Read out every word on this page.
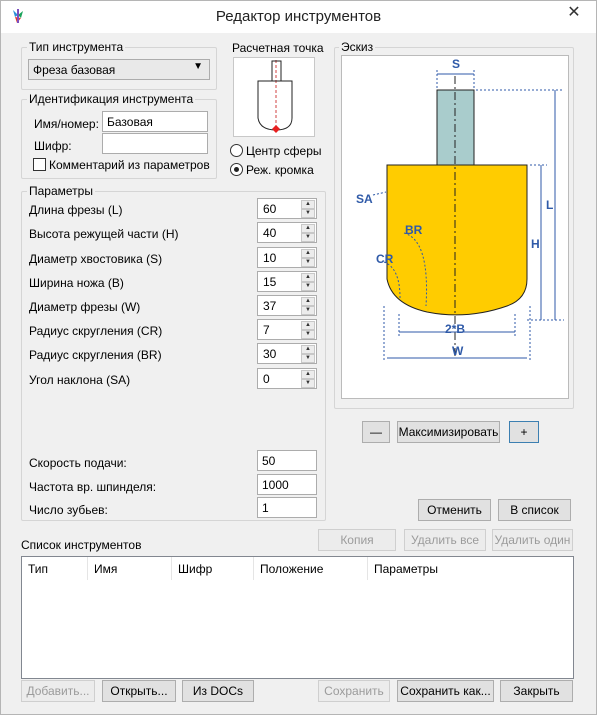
Редактор инструментов	✕
Тип инструмента
Фреза базовая	▼
Идентификация инструмента
Имя/номер: Базовая
Шифр:
Комментарий из параметров
Расчетная точка
Центр сферы
Реж. кромка
Эскиз
S
SA
BR
CR
L
H
2*B
W
—	Максимизировать	+
Параметры
Длина фрезы (L)	60	▲
▼
Высота режущей части (H)	40	▲
▼
Диаметр хвостовика (S)	10	▲
▼
Ширина ножа (B)	15	▲
▼
Диаметр фрезы (W)	37	▲
▼
Радиус скругления (CR)	7	▲
▼
Радиус скругления (BR)	30	▲
▼
Угол наклона (SA)	0	▲
▼
Скорость подачи:	50
Частота вр. шпинделя:	1000
Число зубьев:	1	Отменить	В список
Список инструментов	Копия	Удалить все	Удалить один
Тип	Имя	Шифр	Положение	Параметры
Добавить...	Открыть...	Из DOCs	Сохранить	Сохранить как...	Закрыть
